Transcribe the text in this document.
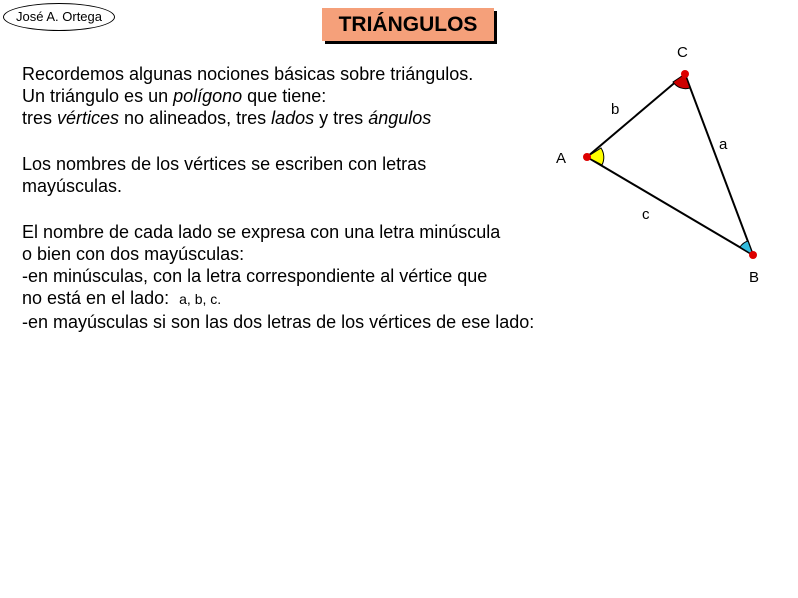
José A. Ortega	TRIÁNGULOS
Recordemos algunas nociones básicas sobre triángulos.
Un triángulo es un polígono que tiene:
tres vértices no alineados, tres lados y tres ángulos
Los nombres de los vértices se escriben con letras
mayúsculas.
El nombre de cada lado se expresa con una letra minúscula
o bien con dos mayúsculas:
-en minúsculas, con la letra correspondiente al vértice que
no está en el lado: a, b, c.
-en mayúsculas si son las dos letras de los vértices de ese lado:
A
B
C
a
b
c
